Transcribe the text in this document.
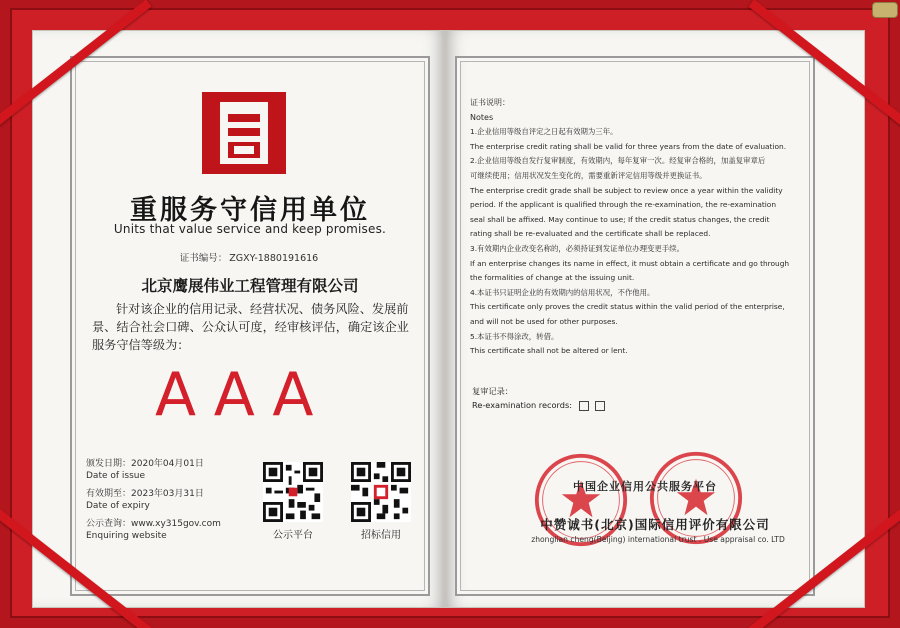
重服务守信用单位
Units that value service and keep promises.
证书编号： ZGXY-1880191616
北京鹰展伟业工程管理有限公司
针对该企业的信用记录、经营状况、债务风险、发展前景、结合社会口碑、公众认可度，经审核评估，确定该企业服务守信等级为：
AAA
颁发日期：2020年04月01日
Date of issue
有效期至：2023年03月31日
Date of expiry
公示查询：www.xy315gov.com
Enquiring website	公示平台	招标信用
证书说明：
Notes
1.企业信用等级自评定之日起有效期为三年。
The enterprise credit rating shall be valid for three years from the date of evaluation.
2.企业信用等级自发行复审制度，有效期内，每年复审一次。经复审合格的，加盖复审章后
可继续使用；信用状况发生变化的，需要重新评定信用等级并更换证书。
The enterprise credit grade shall be subject to review once a year within the validity
period. If the applicant is qualified through the re-examination, the re-examination
seal shall be affixed. May continue to use; If the credit status changes, the credit
rating shall be re-evaluated and the certificate shall be replaced.
3.有效期内企业改变名称的，必须持证到发证单位办理变更手续。
If an enterprise changes its name in effect, it must obtain a certificate and go through
the formalities of change at the issuing unit.
4.本证书只证明企业的有效期内的信用状况，不作他用。
This certificate only proves the credit status within the valid period of the enterprise,
and will not be used for other purposes.
5.本证书不得涂改，转借。
This certificate shall not be altered or lent.
复审记录：
Re-examination records:
中国企业信用公共服务平台
中赞诚书(北京)国际信用评价有限公司
zhonglian cheng(Beijing) international trust . Use appraisal co. LTD
